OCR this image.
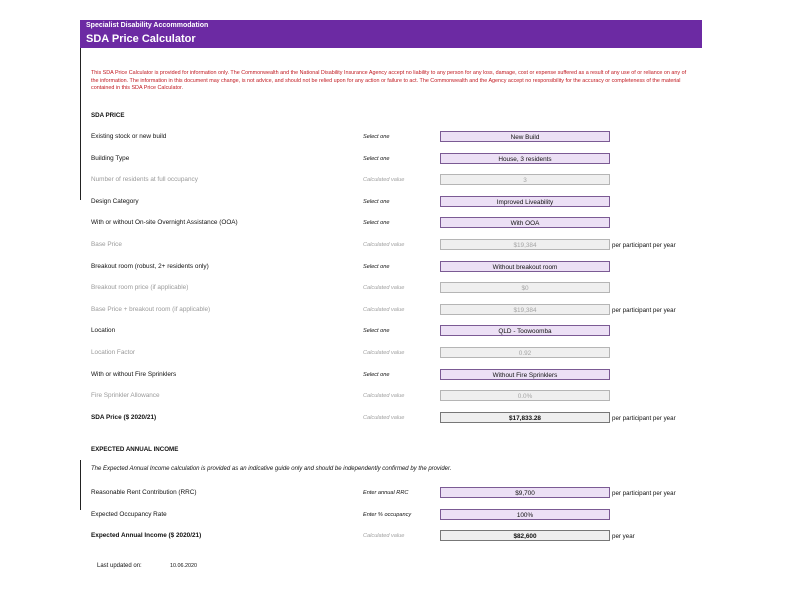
Specialist Disability Accommodation
SDA Price Calculator
This SDA Price Calculator is provided for information only. The Commonwealth and the National Disability Insurance Agency accept no liability to any person for any loss, damage, cost or expense suffered as a result of any use of or reliance on any of the information. The information in this document may change, is not advice, and should not be relied upon for any action or failure to act. The Commonwealth and the Agency accept no responsibility for the accuracy or completeness of the material contained in this SDA Price Calculator.
SDA PRICE
Existing stock or new build	Select one	New Build
Building Type	Select one	House, 3 residents
Number of residents at full occupancy	Calculated value	3
Design Category	Select one	Improved Liveability
With or without On-site Overnight Assistance (OOA)	Select one	With OOA
Base Price	Calculated value	$19,384	per participant per year
Breakout room (robust, 2+ residents only)	Select one	Without breakout room
Breakout room price (if applicable)	Calculated value	$0
Base Price + breakout room (if applicable)	Calculated value	$19,384	per participant per year
Location	Select one	QLD - Toowoomba
Location Factor	Calculated value	0.92
With or without Fire Sprinklers	Select one	Without Fire Sprinklers
Fire Sprinkler Allowance	Calculated value	0.0%
SDA Price ($ 2020/21)	Calculated value	$17,833.28	per participant per year
EXPECTED ANNUAL INCOME
The Expected Annual Income calculation is provided as an indicative guide only and should be independently confirmed by the provider.
Reasonable Rent Contribution (RRC)	Enter annual RRC	$9,700	per participant per year
Expected Occupancy Rate	Enter % occupancy	100%
Expected Annual Income ($ 2020/21)	Calculated value	$82,600	per year
Last updated on:	10.06.2020
